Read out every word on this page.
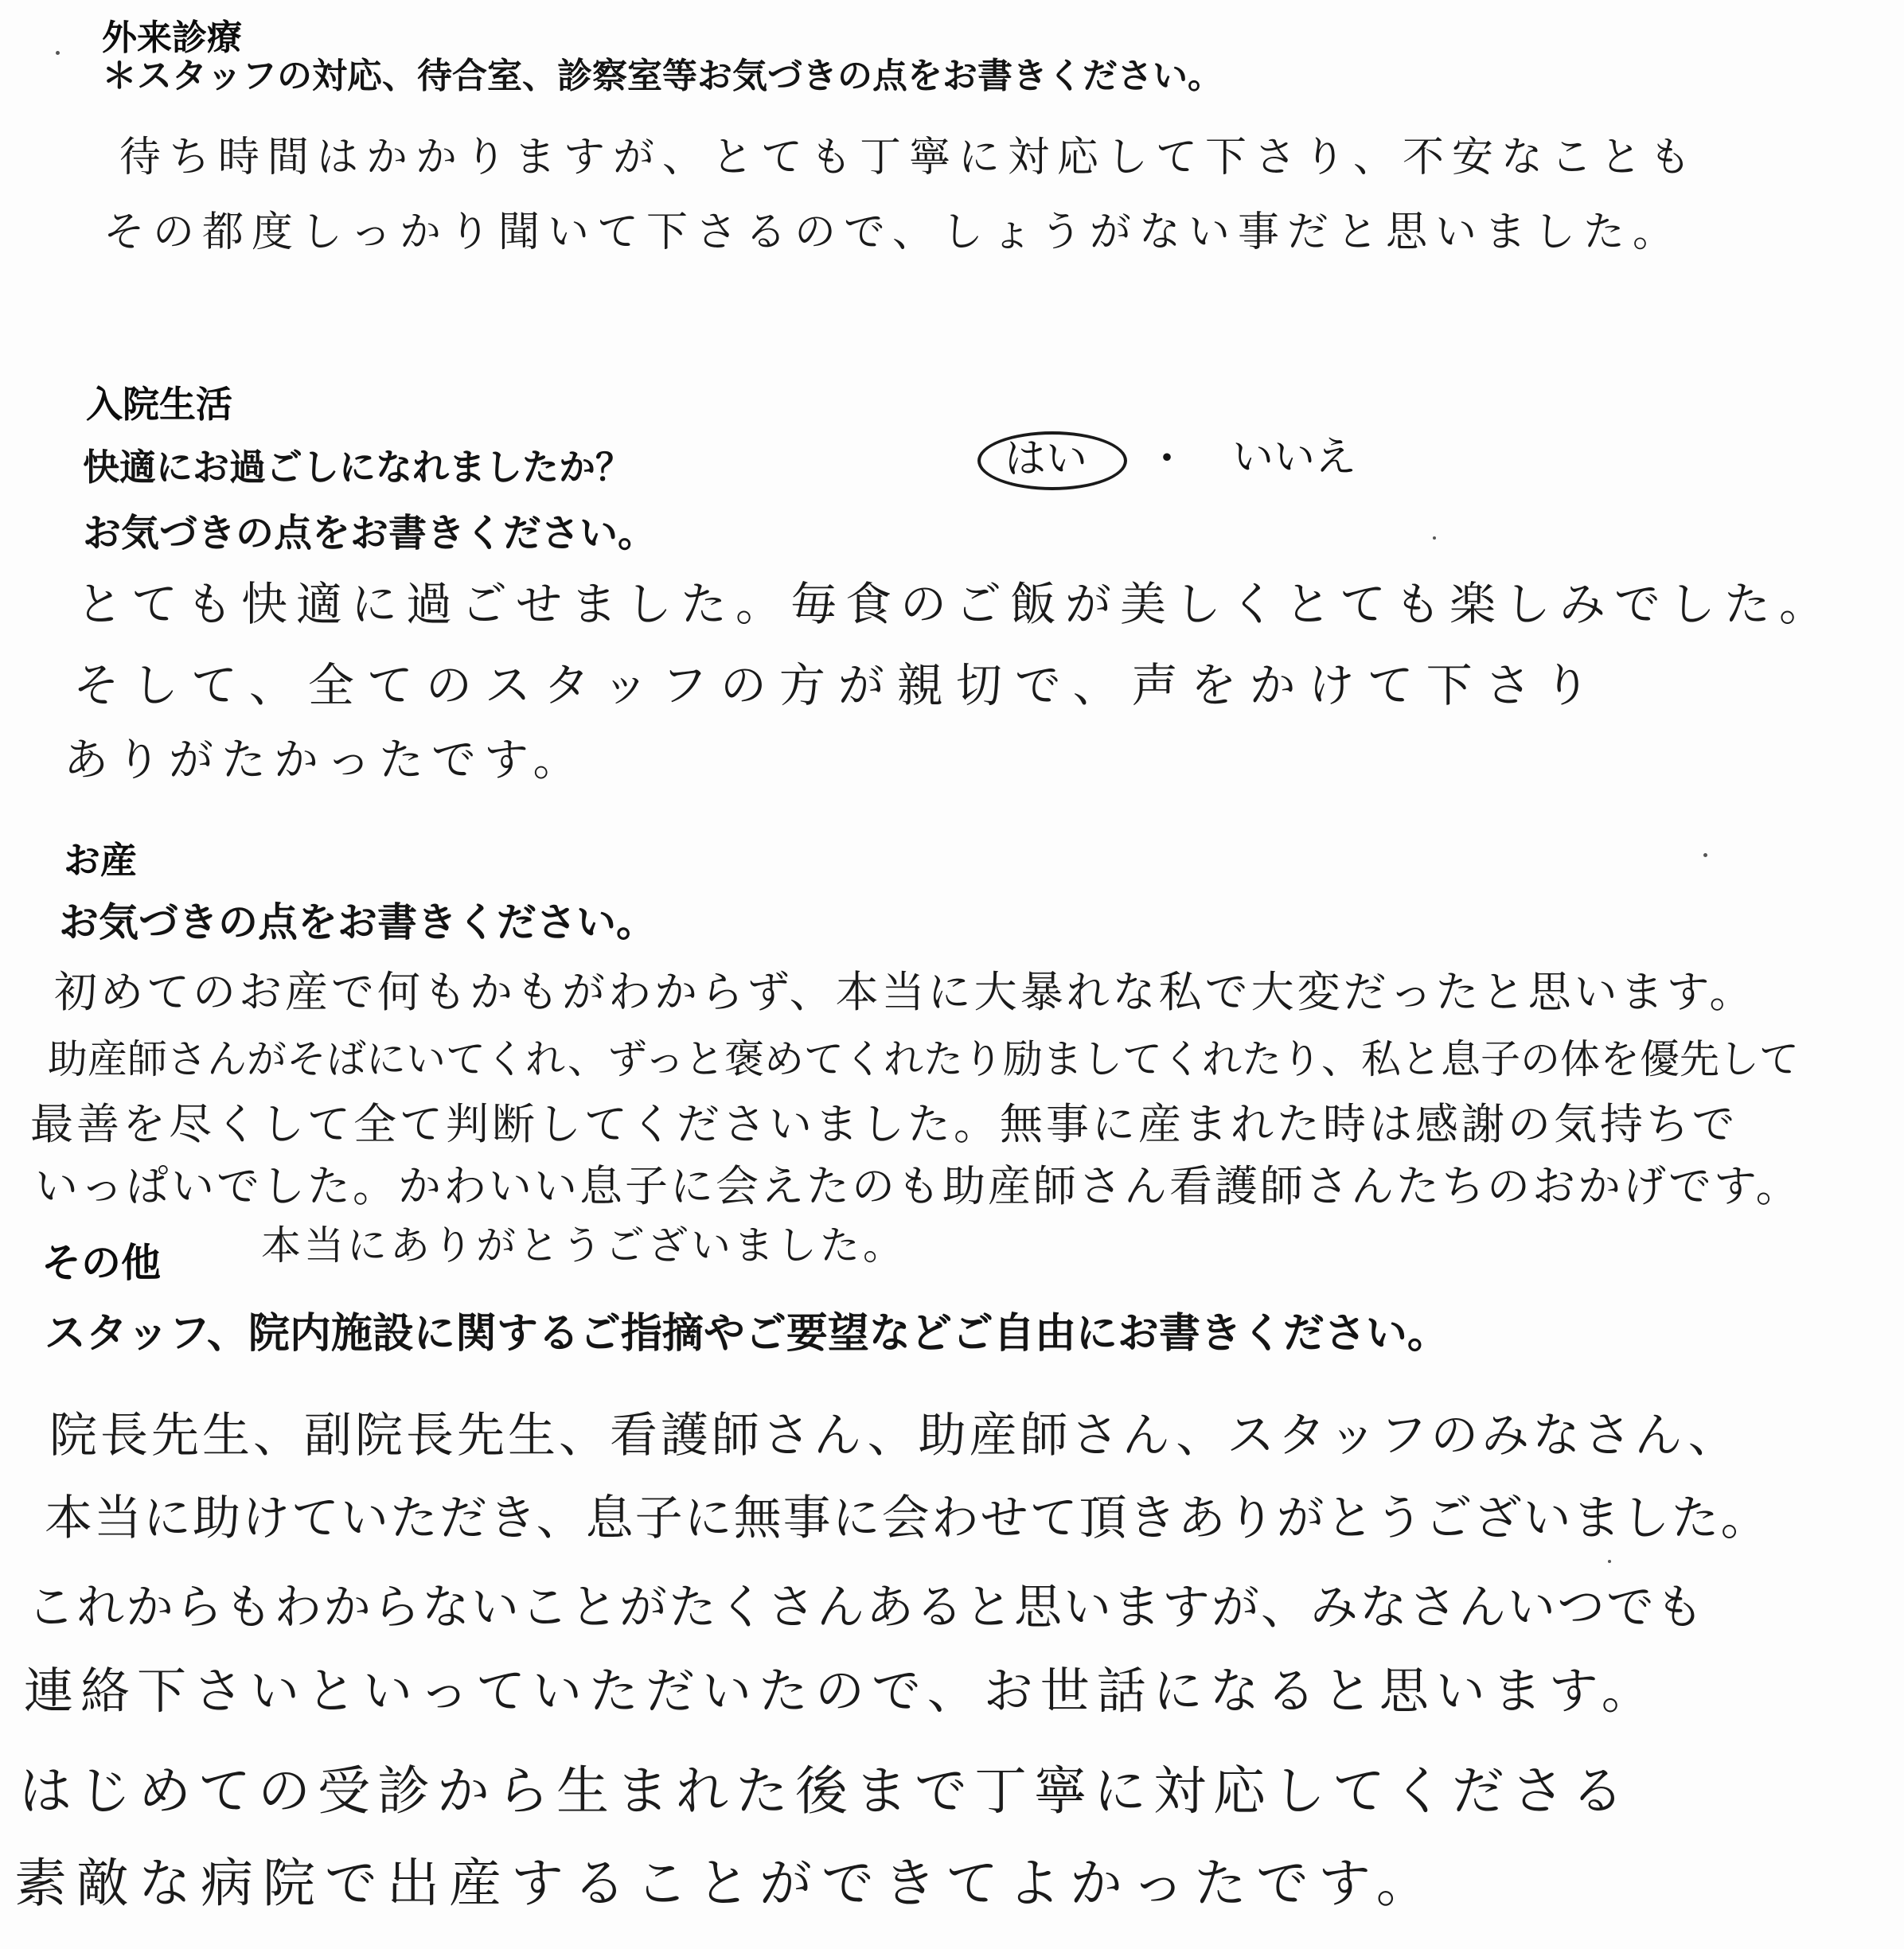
外来診療
＊スタッフの対応、待合室、診察室等お気づきの点をお書きください。
待ち時間はかかりますが、とても丁寧に対応して下さり、不安なことも
その都度しっかり聞いて下さるので、しょうがない事だと思いました。
入院生活
快適にお過ごしになれましたか？	はい ・ いいえ
お気づきの点をお書きください。
とても快適に過ごせました。毎食のご飯が美しくとても楽しみでした。
そして、全てのスタッフの方が親切で、声をかけて下さり
ありがたかったです。
お産
お気づきの点をお書きください。
初めてのお産で何もかもがわからず、本当に大暴れな私で大変だったと思います。
助産師さんがそばにいてくれ、ずっと褒めてくれたり励ましてくれたり、私と息子の体を優先して
最善を尽くして全て判断してくださいました。無事に産まれた時は感謝の気持ちで
いっぱいでした。かわいい息子に会えたのも助産師さん看護師さんたちのおかげです。
その他	本当にありがとうございました。
スタッフ、院内施設に関するご指摘やご要望などご自由にお書きください。
院長先生、副院長先生、看護師さん、助産師さん、スタッフのみなさん、
本当に助けていただき、息子に無事に会わせて頂きありがとうございました。
これからもわからないことがたくさんあると思いますが、みなさんいつでも
連絡下さいといっていただいたので、お世話になると思います。
はじめての受診から生まれた後まで丁寧に対応してくださる
素敵な病院で出産することができてよかったです。
